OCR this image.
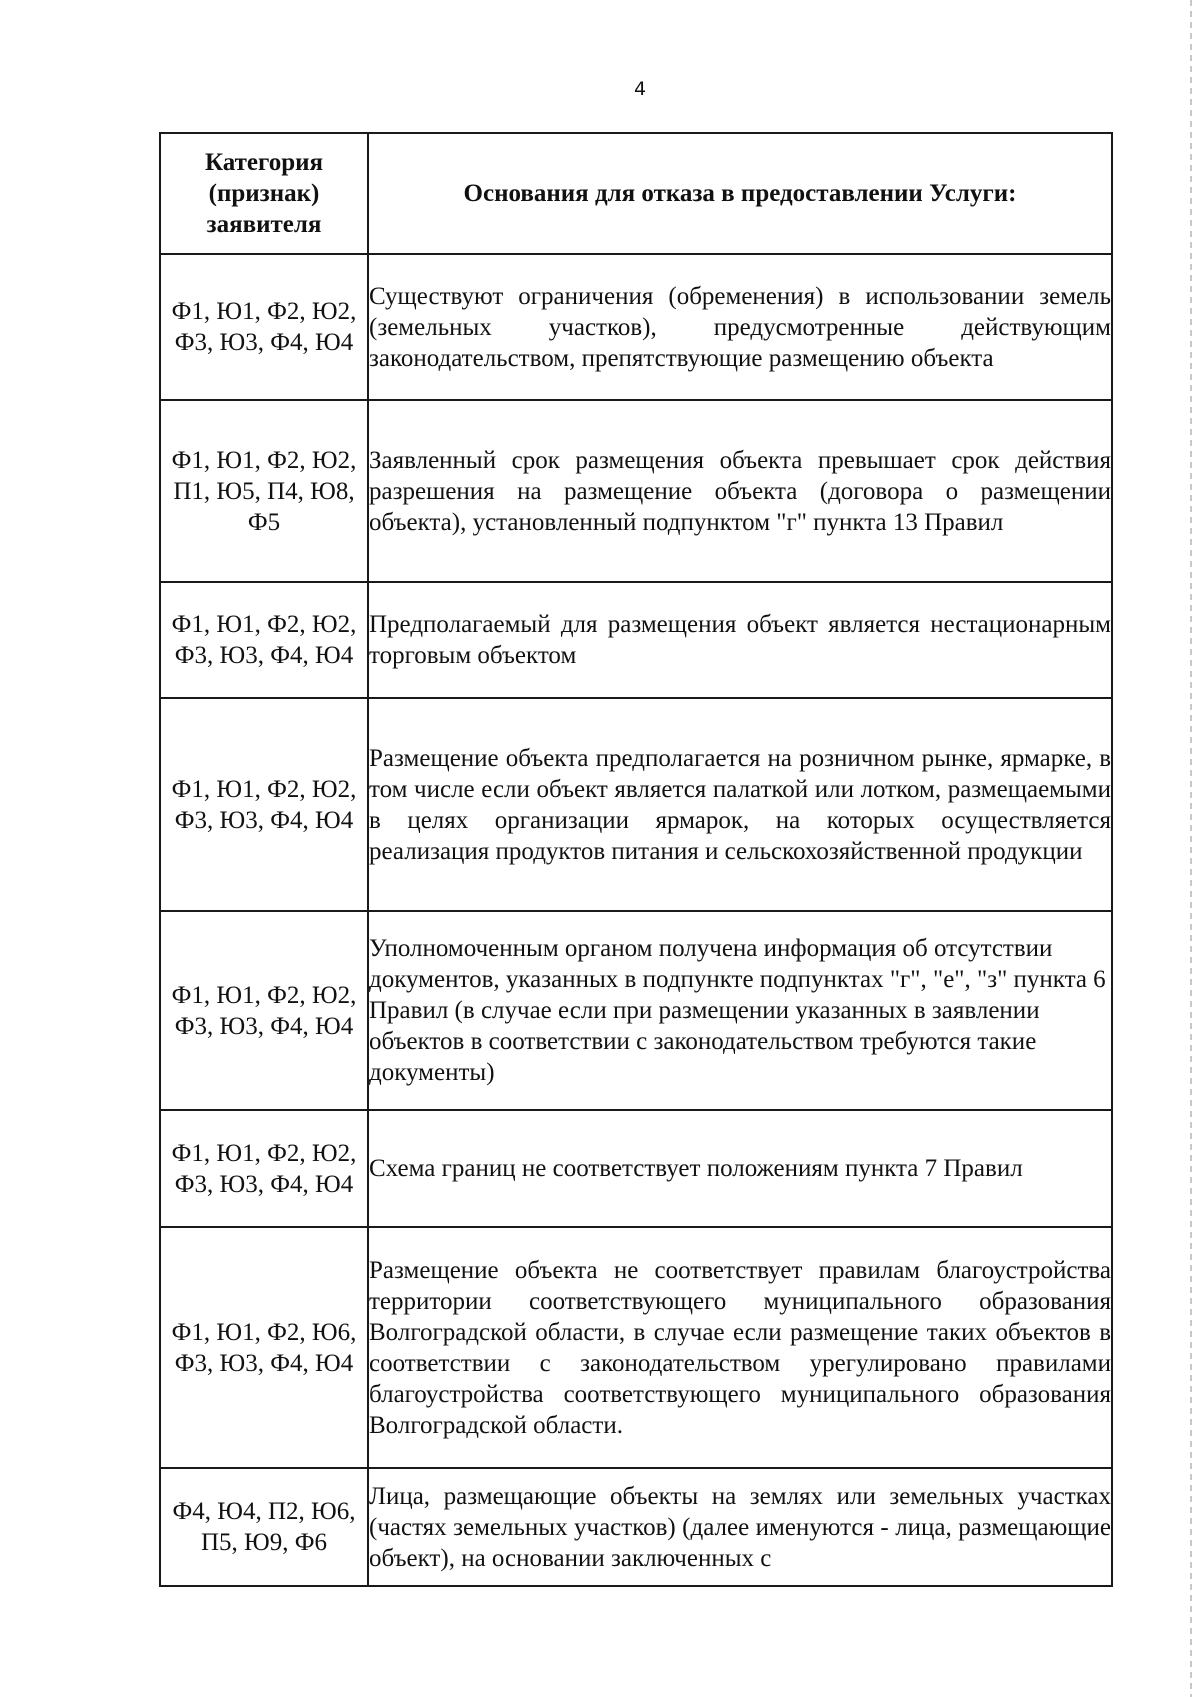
4
Категория (признак) заявителя	Основания для отказа в предоставлении Услуги:
Ф1, Ю1, Ф2, Ю2, Ф3, Ю3, Ф4, Ю4	Существуют ограничения (обременения) в использовании земель (земельных участков), предусмотренные действующим законодательством, препятствующие размещению объекта
Ф1, Ю1, Ф2, Ю2, П1, Ю5, П4, Ю8, Ф5	Заявленный срок размещения объекта превышает срок действия разрешения на размещение объекта (договора о размещении объекта), установленный подпунктом "г" пункта 13 Правил
Ф1, Ю1, Ф2, Ю2, Ф3, Ю3, Ф4, Ю4	Предполагаемый для размещения объект является нестационарным торговым объектом
Ф1, Ю1, Ф2, Ю2, Ф3, Ю3, Ф4, Ю4	Размещение объекта предполагается на розничном рынке, ярмарке, в том числе если объект является палаткой или лотком, размещаемыми в целях организации ярмарок, на которых осуществляется реализация продуктов питания и сельскохозяйственной продукции
Ф1, Ю1, Ф2, Ю2, Ф3, Ю3, Ф4, Ю4	Уполномоченным органом получена информация об отсутствии документов, указанных в подпункте подпунктах "г", "е", "з" пункта 6 Правил (в случае если при размещении указанных в заявлении объектов в соответствии с законодательством требуются такие документы)
Ф1, Ю1, Ф2, Ю2, Ф3, Ю3, Ф4, Ю4	Схема границ не соответствует положениям пункта 7 Правил
Ф1, Ю1, Ф2, Ю6, Ф3, Ю3, Ф4, Ю4	Размещение объекта не соответствует правилам благоустройства территории соответствующего муниципального образования Волгоградской области, в случае если размещение таких объектов в соответствии с законодательством урегулировано правилами благоустройства соответствующего муниципального образования Волгоградской области.
Ф4, Ю4, П2, Ю6, П5, Ю9, Ф6	Лица, размещающие объекты на землях или земельных участках (частях земельных участков) (далее именуются - лица, размещающие объект), на основании заключенных с
